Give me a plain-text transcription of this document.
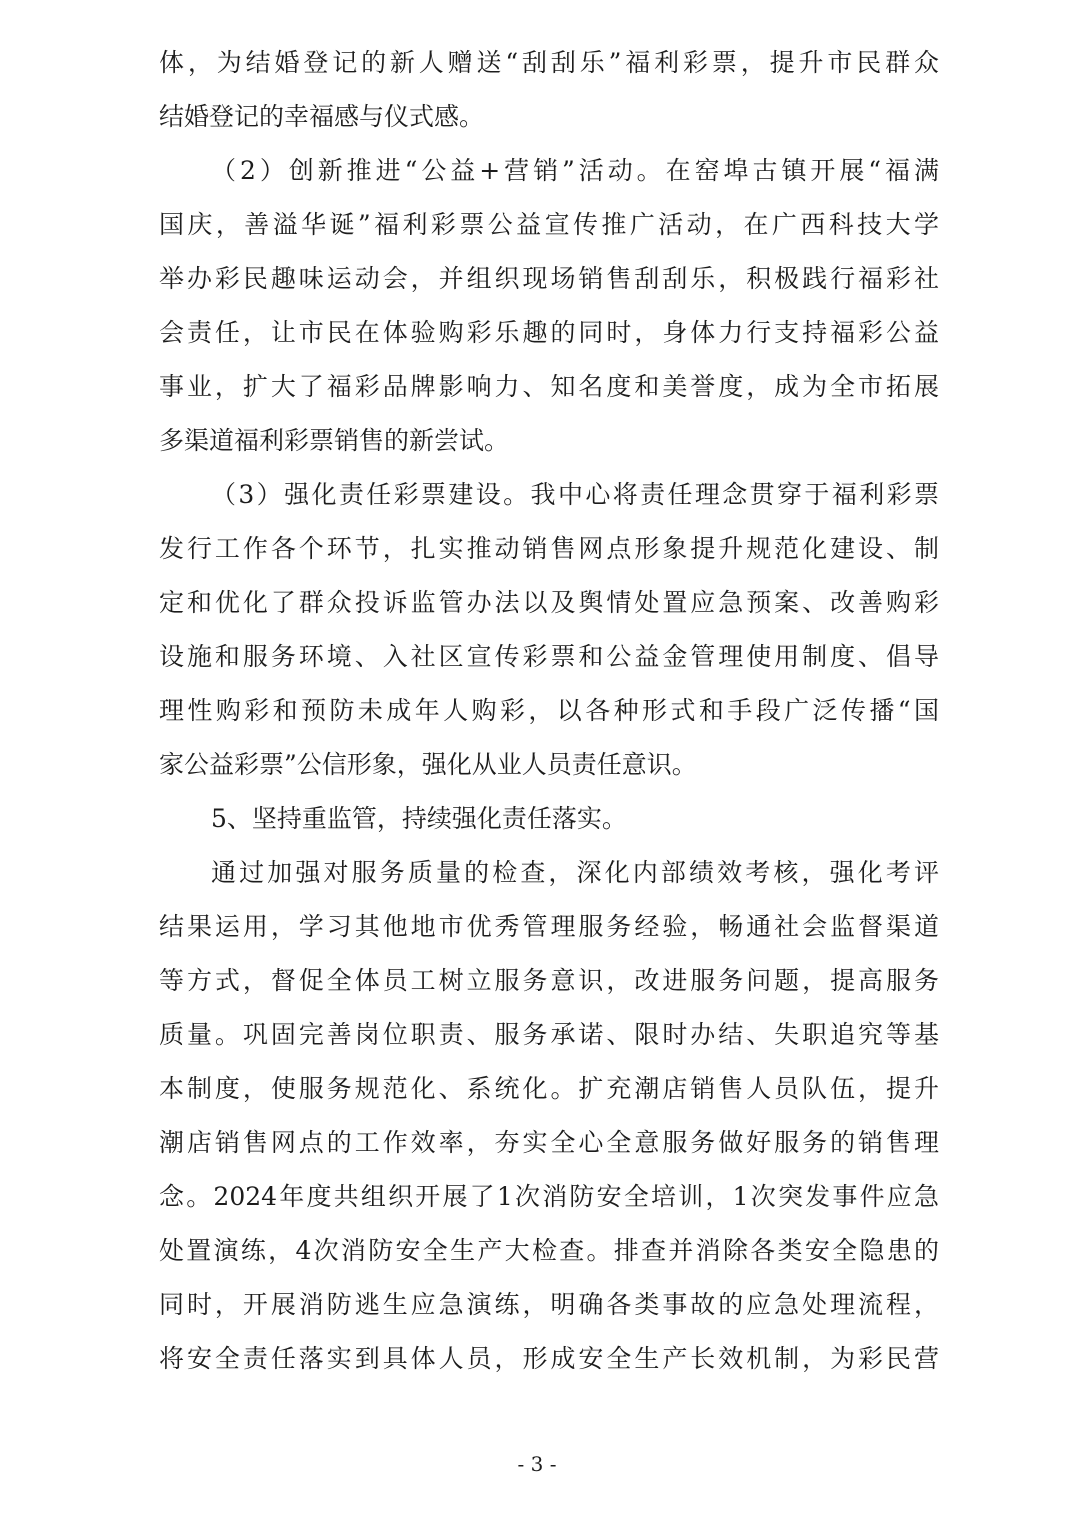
体，为结婚登记的新人赠送“刮刮乐”福利彩票，提升市民群众
结婚登记的幸福感与仪式感。
（2）创新推进“公益+营销”活动。在窑埠古镇开展“福满
国庆，善溢华诞”福利彩票公益宣传推广活动，在广西科技大学
举办彩民趣味运动会，并组织现场销售刮刮乐，积极践行福彩社
会责任，让市民在体验购彩乐趣的同时，身体力行支持福彩公益
事业，扩大了福彩品牌影响力、知名度和美誉度，成为全市拓展
多渠道福利彩票销售的新尝试。
（3）强化责任彩票建设。我中心将责任理念贯穿于福利彩票
发行工作各个环节，扎实推动销售网点形象提升规范化建设、制
定和优化了群众投诉监管办法以及舆情处置应急预案、改善购彩
设施和服务环境、入社区宣传彩票和公益金管理使用制度、倡导
理性购彩和预防未成年人购彩，以各种形式和手段广泛传播“国
家公益彩票”公信形象，强化从业人员责任意识。
5、坚持重监管，持续强化责任落实。
通过加强对服务质量的检查，深化内部绩效考核，强化考评
结果运用，学习其他地市优秀管理服务经验，畅通社会监督渠道
等方式，督促全体员工树立服务意识，改进服务问题，提高服务
质量。巩固完善岗位职责、服务承诺、限时办结、失职追究等基
本制度，使服务规范化、系统化。扩充潮店销售人员队伍，提升
潮店销售网点的工作效率，夯实全心全意服务做好服务的销售理
念。2024年度共组织开展了1次消防安全培训，1次突发事件应急
处置演练，4次消防安全生产大检查。排查并消除各类安全隐患的
同时，开展消防逃生应急演练，明确各类事故的应急处理流程，
将安全责任落实到具体人员，形成安全生产长效机制，为彩民营
- 3 -
